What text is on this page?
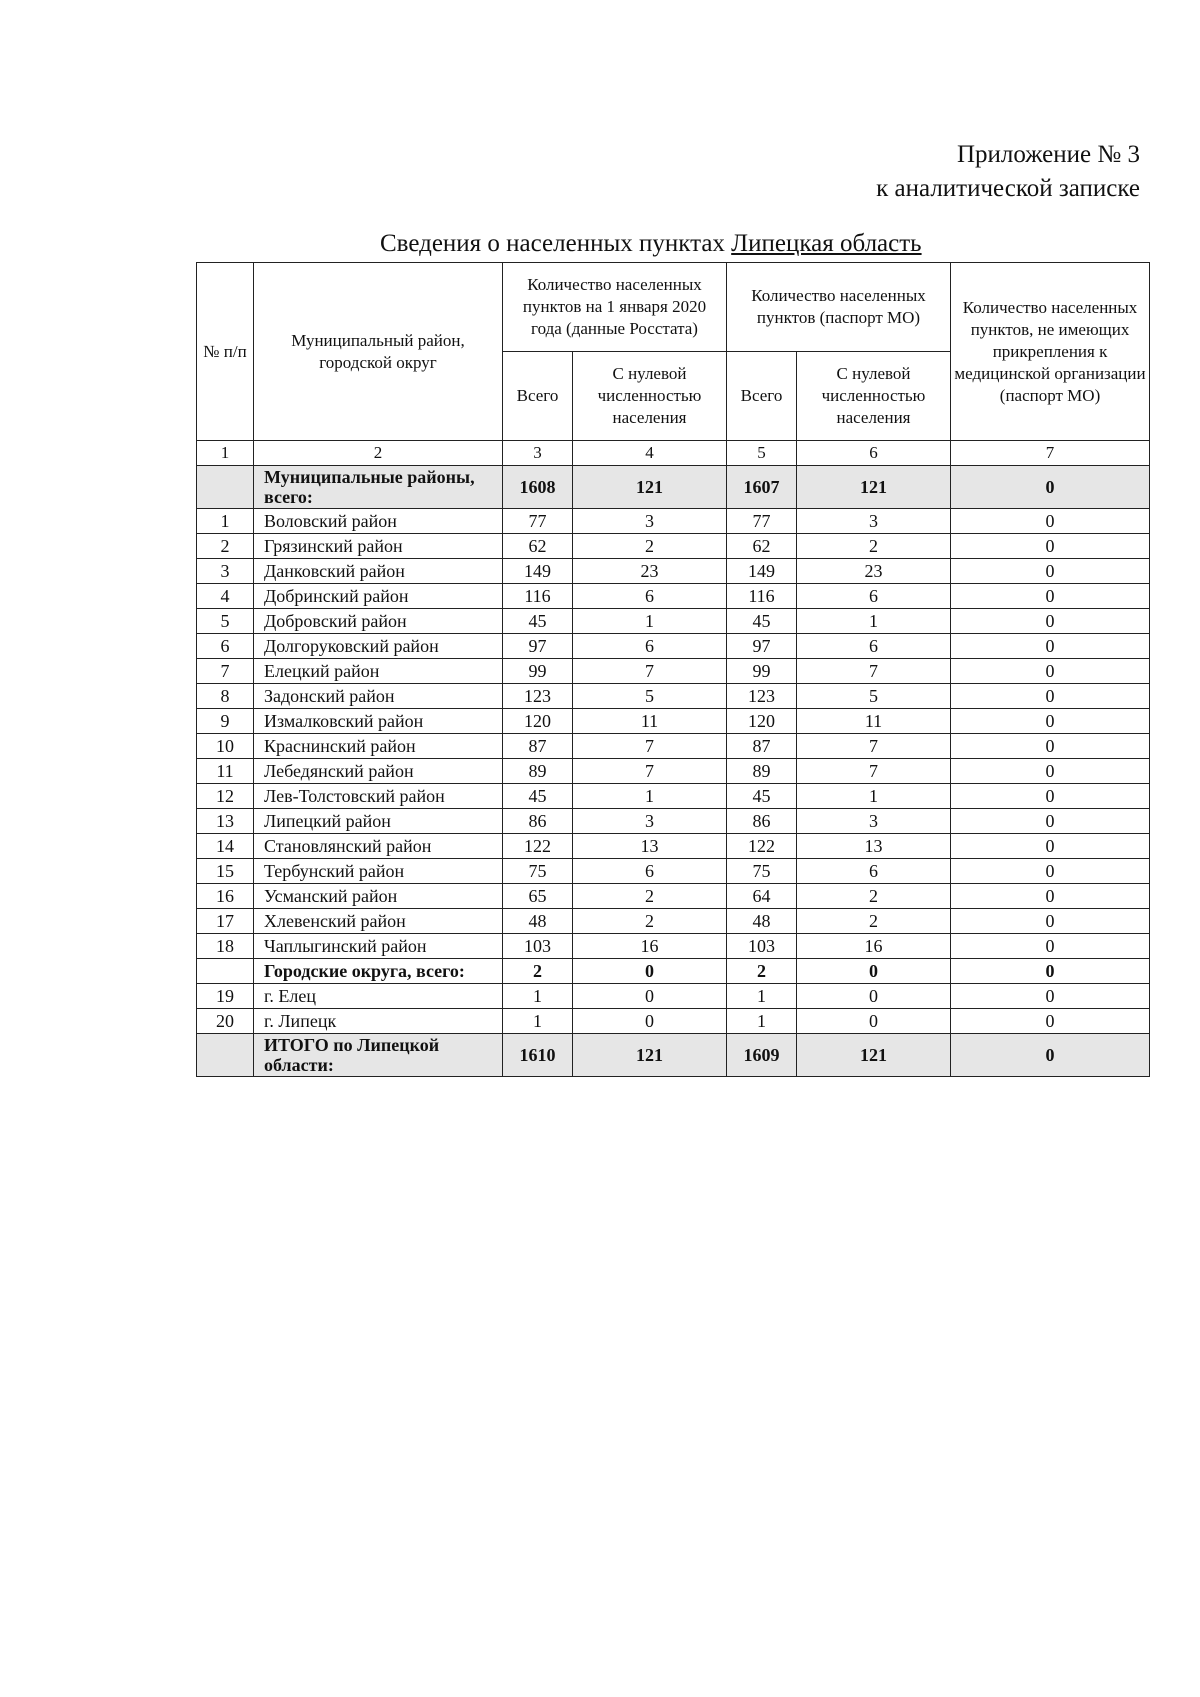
Приложение № 3
к аналитической записке
Сведения о населенных пунктах Липецкая область
№ п/п	Муниципальный район, городской округ	Количество населенных пунктов на 1 января 2020 года (данные Росстата)		Количество населенных пунктов (паспорт МО)		Количество населенных пунктов, не имеющих прикрепления к медицинской организации (паспорт МО)
		Всего	С нулевой численностью населения	Всего	С нулевой численностью населения	
1	2	3	4	5	6	7
	Муниципальные районы, всего:	1608	121	1607	121	0
1	Воловский район	77	3	77	3	0
2	Грязинский район	62	2	62	2	0
3	Данковский район	149	23	149	23	0
4	Добринский район	116	6	116	6	0
5	Добровский район	45	1	45	1	0
6	Долгоруковский район	97	6	97	6	0
7	Елецкий район	99	7	99	7	0
8	Задонский район	123	5	123	5	0
9	Измалковский район	120	11	120	11	0
10	Краснинский район	87	7	87	7	0
11	Лебедянский район	89	7	89	7	0
12	Лев-Толстовский район	45	1	45	1	0
13	Липецкий район	86	3	86	3	0
14	Становлянский район	122	13	122	13	0
15	Тербунский район	75	6	75	6	0
16	Усманский район	65	2	64	2	0
17	Хлевенский район	48	2	48	2	0
18	Чаплыгинский район	103	16	103	16	0
	Городские округа, всего:	2	0	2	0	0
19	г. Елец	1	0	1	0	0
20	г. Липецк	1	0	1	0	0
	ИТОГО по Липецкой области:	1610	121	1609	121	0
